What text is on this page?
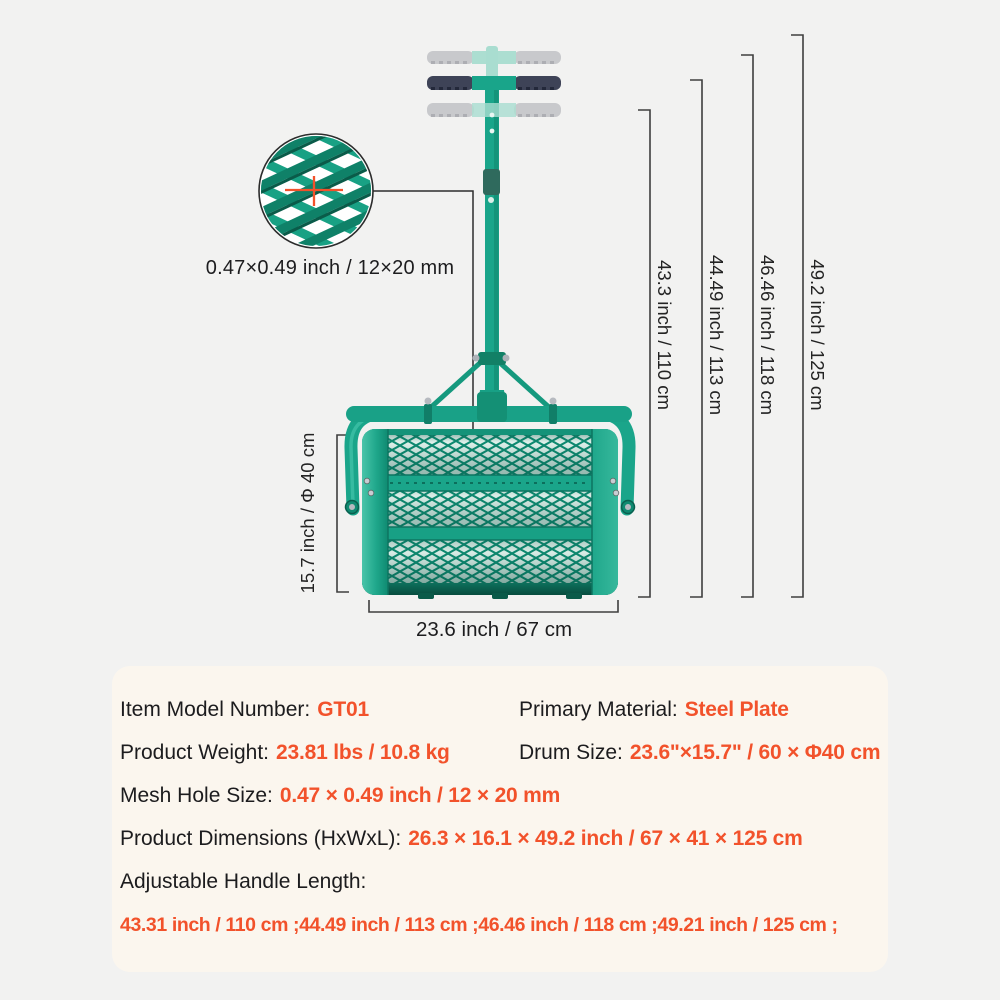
0.47×0.49 inch / 12×20 mm	43.3 inch / 110 cm 44.49 inch / 113 cm 46.46 inch / 118 cm 49.2 inch / 125 cm
15.7 inch / Φ 40 cm
23.6 inch / 67 cm
Item Model Number: GT01	Primary Material: Steel Plate
Product Weight: 23.81 lbs / 10.8 kg	Drum Size: 23.6"×15.7" / 60 × Φ40 cm
Mesh Hole Size: 0.47 × 0.49 inch / 12 × 20 mm
Product Dimensions (HxWxL): 26.3 × 16.1 × 49.2 inch / 67 × 41 × 125 cm
Adjustable Handle Length:
43.31 inch / 110 cm ;44.49 inch / 113 cm ;46.46 inch / 118 cm ;49.21 inch / 125 cm ;
